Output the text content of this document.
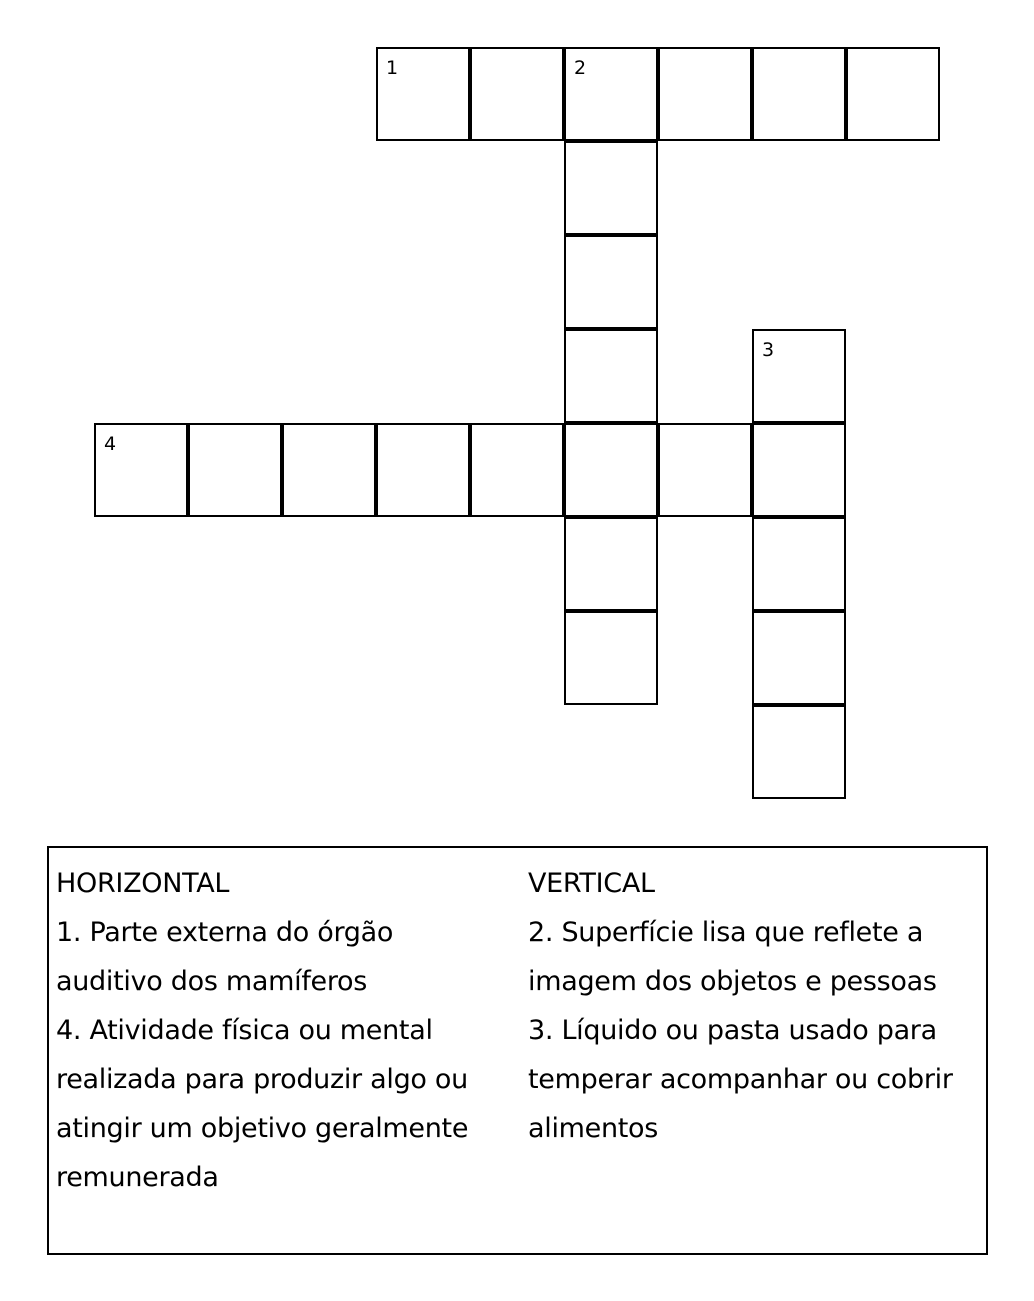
1	2
3
4
HORIZONTAL
1. Parte externa do órgão
auditivo dos mamíferos
4. Atividade física ou mental
realizada para produzir algo ou
atingir um objetivo geralmente
remunerada
VERTICAL
2. Superfície lisa que reflete a
imagem dos objetos e pessoas
3. Líquido ou pasta usado para
temperar acompanhar ou cobrir
alimentos
